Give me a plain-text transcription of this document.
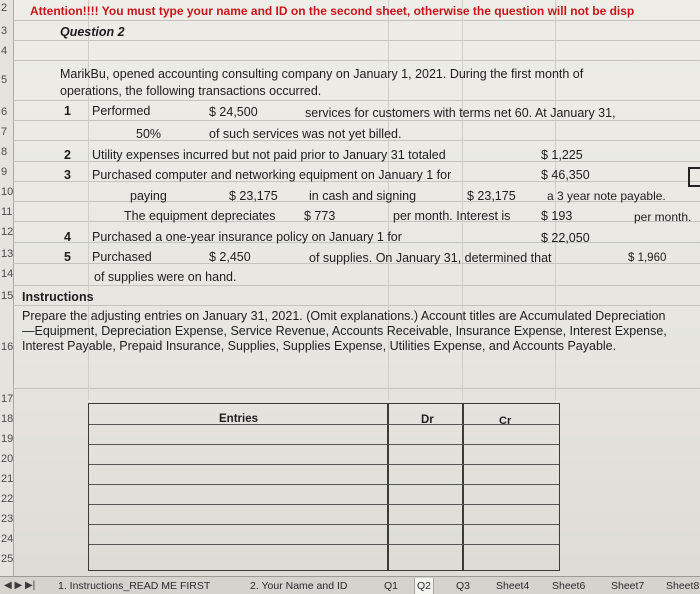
2
3
4
5
6
7
8
9
10
11
12
13
14
15
16
17
18
19
20
21
22
23
24
25
Attention!!!! You must type your name and ID on the second sheet, otherwise the question will not be disp
Question 2
MarikBu, opened accounting consulting company on January 1, 2021. During the first month of
operations, the following transactions occurred.
1 Performed	$ 24,500	services for customers with terms net 60. At January 31,
50%	of such services was not yet billed.
2 Utility expenses incurred but not paid prior to January 31 totaled	$ 1,225
3 Purchased computer and networking equipment on January 1 for	$ 46,350
paying	$ 23,175	in cash and signing	$ 23,175	a 3 year note payable.
The equipment depreciates $ 773	per month. Interest is $ 193	per month.
4 Purchased a one-year insurance policy on January 1 for	$ 22,050
5 Purchased	$ 2,450	of supplies. On January 31, determined that	$ 1,960
of supplies were on hand.
Instructions
Prepare the adjusting entries on January 31, 2021. (Omit explanations.) Account titles are Accumulated Depreciation—Equipment, Depreciation Expense, Service Revenue, Accounts Receivable, Insurance Expense, Interest Expense, Interest Payable, Prepaid Insurance, Supplies, Supplies Expense, Utilities Expense, and Accounts Payable.
Entries	Dr	Cr
◀ ▶ ▶| 1. Instructions_READ ME FIRST	2. Your Name and ID	Q1 Q2 Q3 Sheet4 Sheet6 Sheet7 Sheet8
